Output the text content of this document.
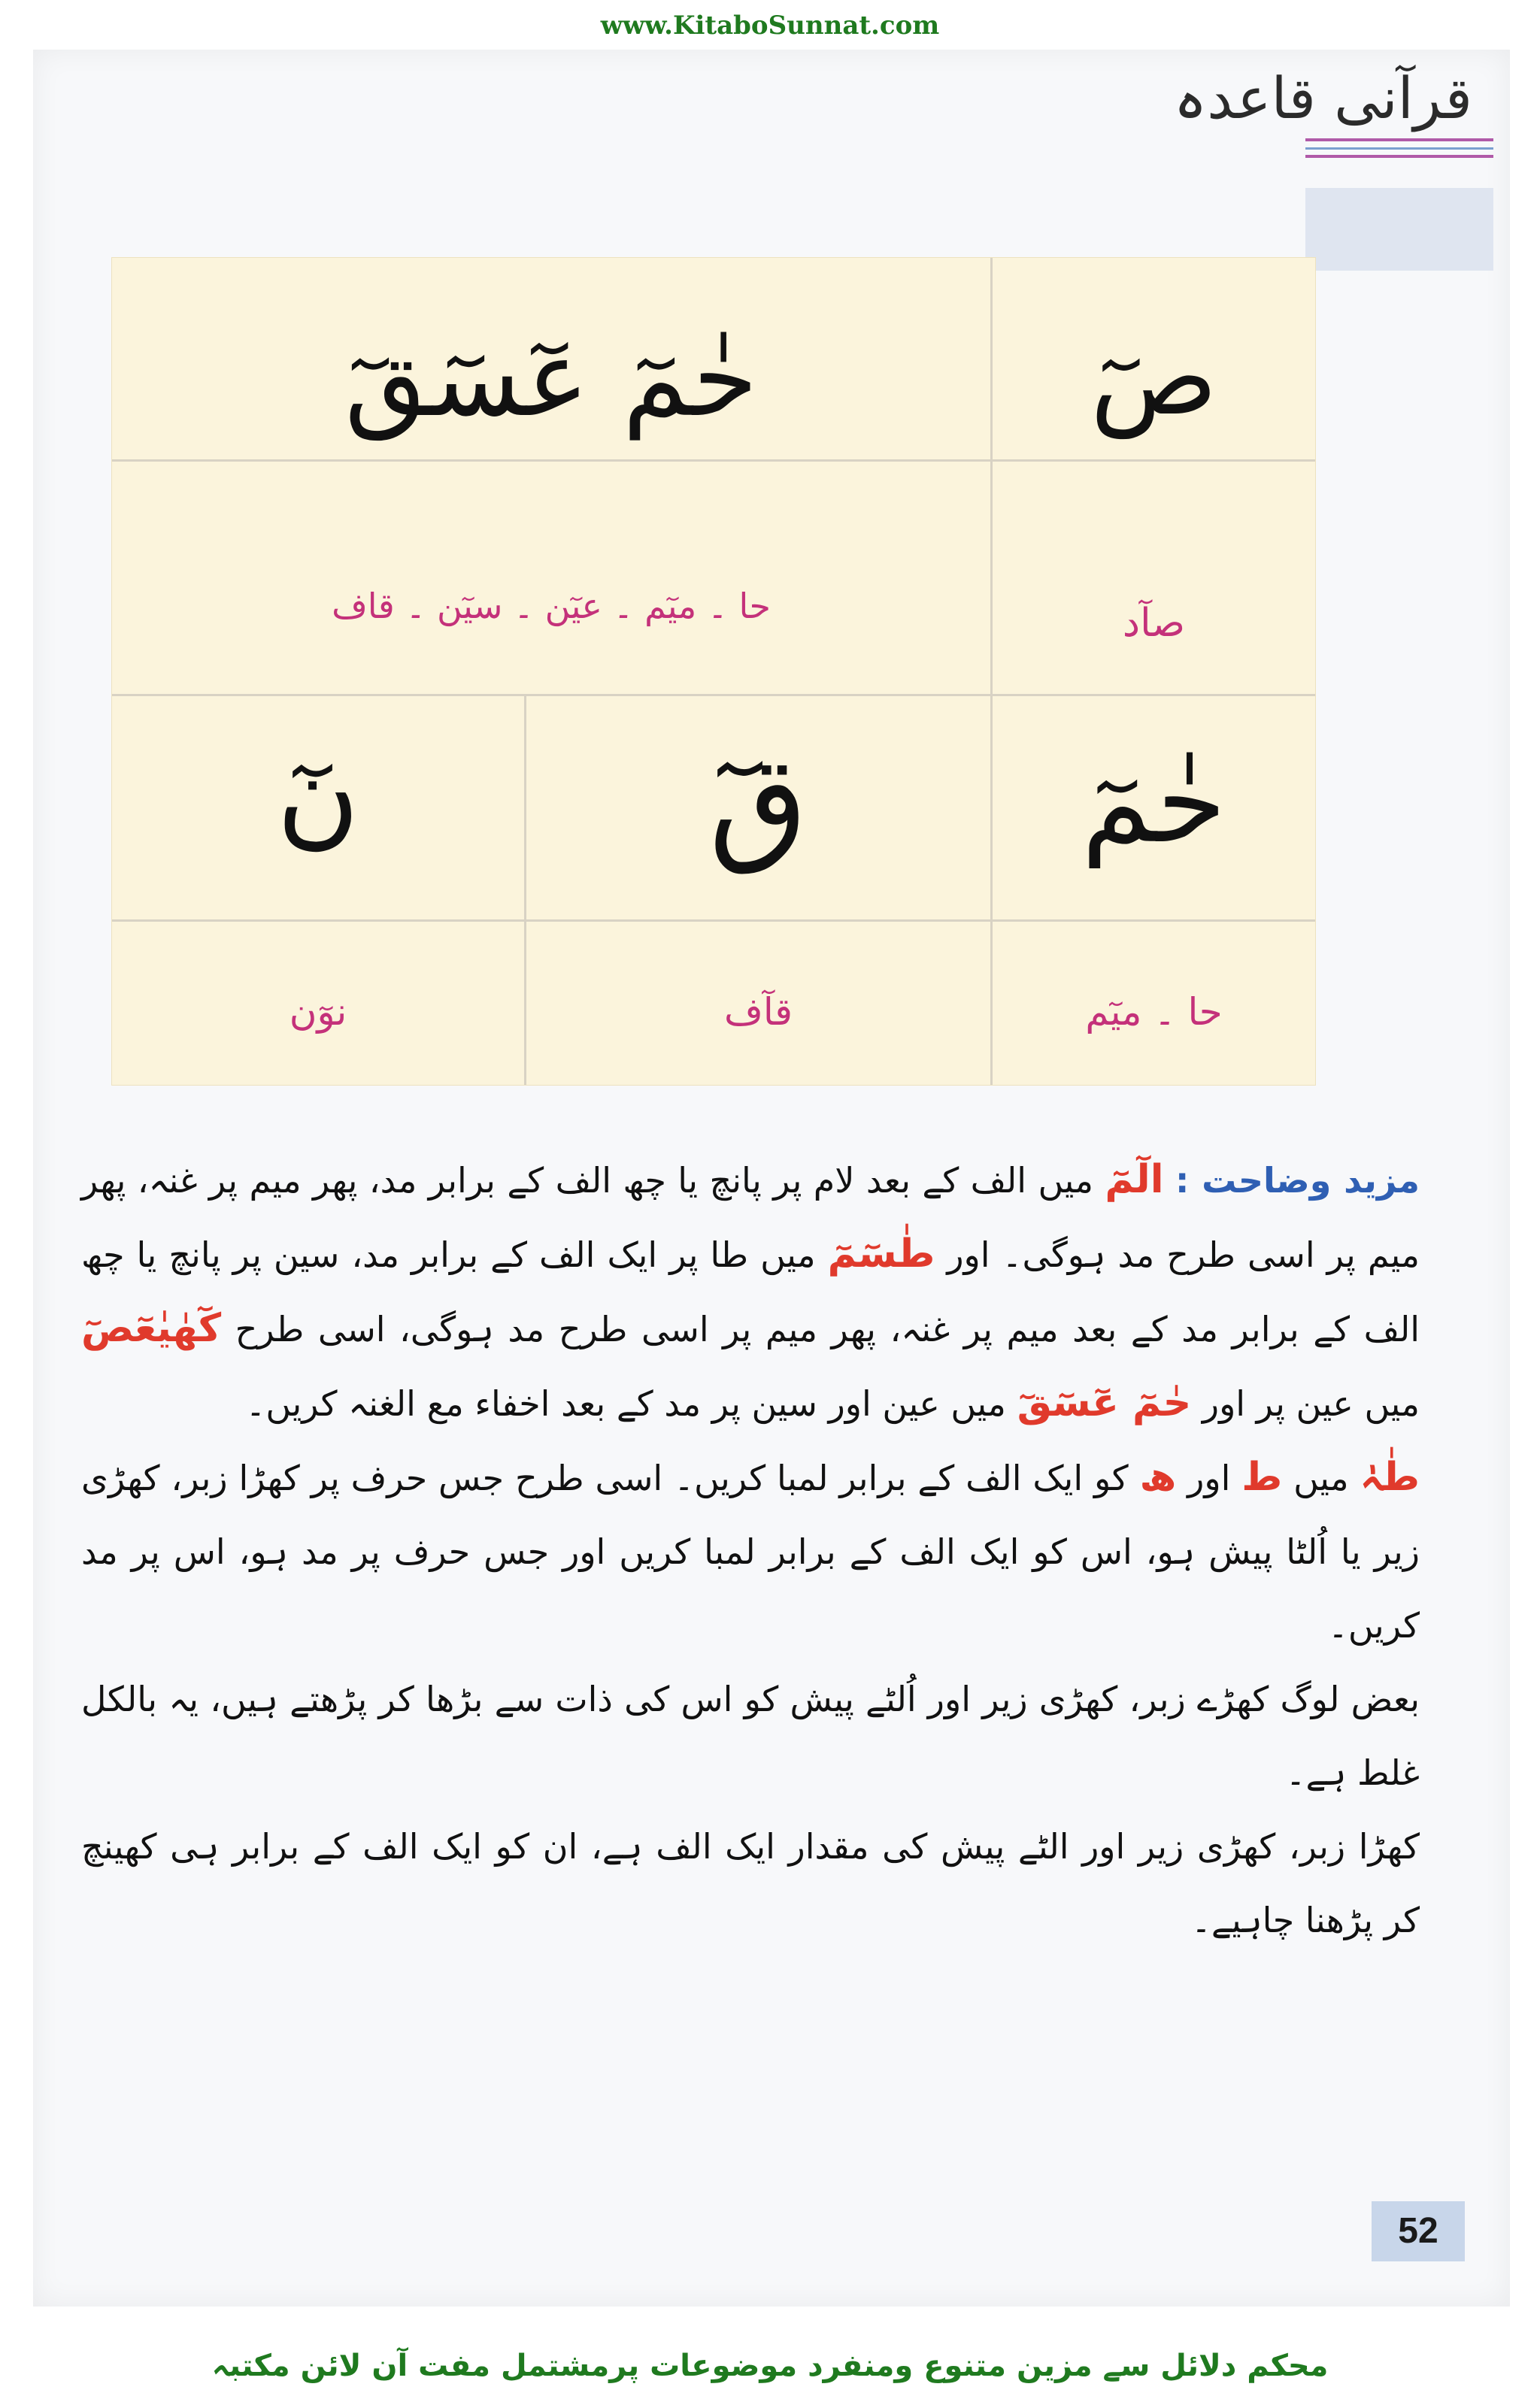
www.KitaboSunnat.com
قرآنی قاعدہ
صٓ
صآد
حٰمٓ عٓسٓقٓ
حا ۔ میٓم ۔ عیٓن ۔ سیٓن ۔ قاف
حٰمٓ
حا ۔ میٓم
قٓ
قآف
نٓ
نوٓن

مزید وضاحت : الٓمٓ میں الف کے بعد لام پر پانچ یا چھ الف کے برابر مد، پھر میم پر غنہ، پھر میم پر اسی طرح مد ہوگی۔ اور طٰسٓمٓ میں طا پر ایک الف کے برابر مد، سین پر پانچ یا چھ الف کے برابر مد کے بعد میم پر غنہ، پھر میم پر اسی طرح مد ہوگی، اسی طرح كٓهٰيٰعٓصٓ میں عین پر اور حٰمٓ عٓسٓقٓ میں عین اور سین پر مد کے بعد اخفاء مع الغنہ کریں۔

طٰہٰ میں ط اور ھ کو ایک الف کے برابر لمبا کریں۔ اسی طرح جس حرف پر کھڑا زبر، کھڑی زیر یا اُلٹا پیش ہو، اس کو ایک الف کے برابر لمبا کریں اور جس حرف پر مد ہو، اس پر مد کریں۔

بعض لوگ کھڑے زبر، کھڑی زیر اور اُلٹے پیش کو اس کی ذات سے بڑھا کر پڑھتے ہیں، یہ بالکل غلط ہے۔

کھڑا زبر، کھڑی زیر اور الٹے پیش کی مقدار ایک الف ہے، ان کو ایک الف کے برابر ہی کھینچ کر پڑھنا چاہیے۔

52
محکم دلائل سے مزین متنوع ومنفرد موضوعات پرمشتمل مفت آن لائن مکتبہ
